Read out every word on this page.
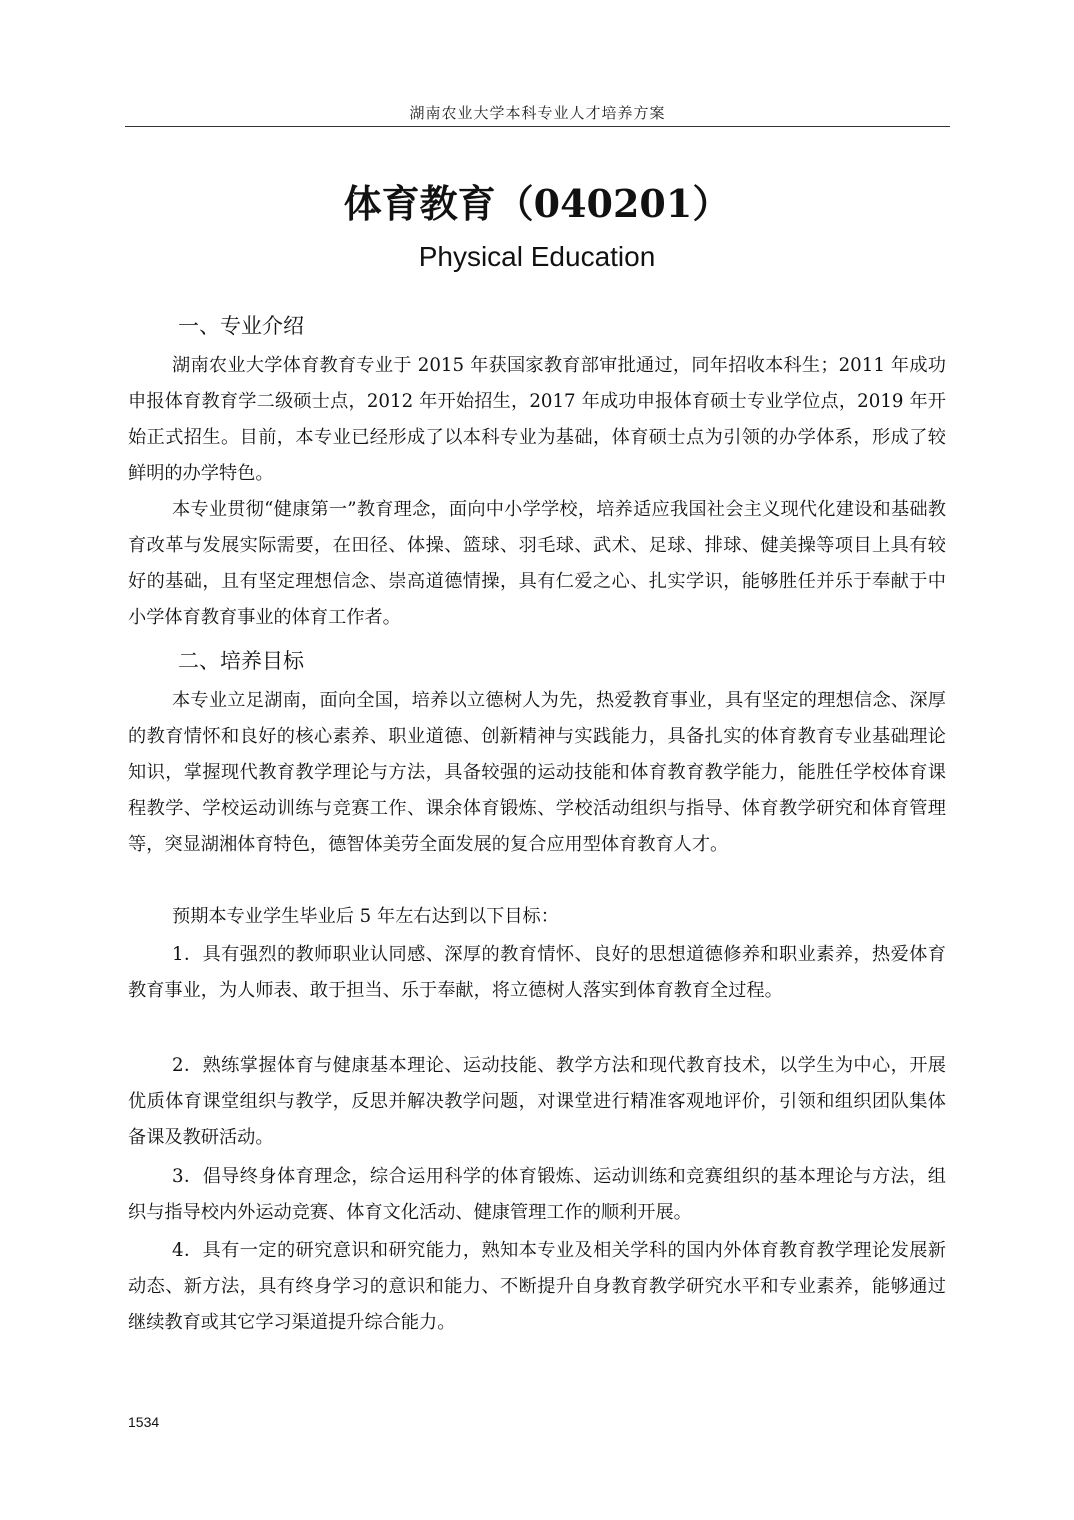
湖南农业大学本科专业人才培养方案
体育教育（040201）
Physical Education
一、专业介绍

湖南农业大学体育教育专业于 2015 年获国家教育部审批通过，同年招收本科生；2011 年成功申报体育教育学二级硕士点，2012 年开始招生，2017 年成功申报体育硕士专业学位点，2019 年开始正式招生。目前，本专业已经形成了以本科专业为基础，体育硕士点为引领的办学体系，形成了较鲜明的办学特色。

本专业贯彻“健康第一”教育理念，面向中小学学校，培养适应我国社会主义现代化建设和基础教育改革与发展实际需要，在田径、体操、篮球、羽毛球、武术、足球、排球、健美操等项目上具有较好的基础，且有坚定理想信念、崇高道德情操，具有仁爱之心、扎实学识，能够胜任并乐于奉献于中小学体育教育事业的体育工作者。

二、培养目标

本专业立足湖南，面向全国，培养以立德树人为先，热爱教育事业，具有坚定的理想信念、深厚的教育情怀和良好的核心素养、职业道德、创新精神与实践能力，具备扎实的体育教育专业基础理论知识，掌握现代教育教学理论与方法，具备较强的运动技能和体育教育教学能力，能胜任学校体育课程教学、学校运动训练与竞赛工作、课余体育锻炼、学校活动组织与指导、体育教学研究和体育管理等，突显湖湘体育特色，德智体美劳全面发展的复合应用型体育教育人才。

预期本专业学生毕业后 5 年左右达到以下目标：

1．具有强烈的教师职业认同感、深厚的教育情怀、良好的思想道德修养和职业素养，热爱体育教育事业，为人师表、敢于担当、乐于奉献，将立德树人落实到体育教育全过程。

2．熟练掌握体育与健康基本理论、运动技能、教学方法和现代教育技术，以学生为中心，开展优质体育课堂组织与教学，反思并解决教学问题，对课堂进行精准客观地评价，引领和组织团队集体备课及教研活动。

3．倡导终身体育理念，综合运用科学的体育锻炼、运动训练和竞赛组织的基本理论与方法，组织与指导校内外运动竞赛、体育文化活动、健康管理工作的顺利开展。

4．具有一定的研究意识和研究能力，熟知本专业及相关学科的国内外体育教育教学理论发展新动态、新方法，具有终身学习的意识和能力、不断提升自身教育教学研究水平和专业素养，能够通过继续教育或其它学习渠道提升综合能力。

1534
